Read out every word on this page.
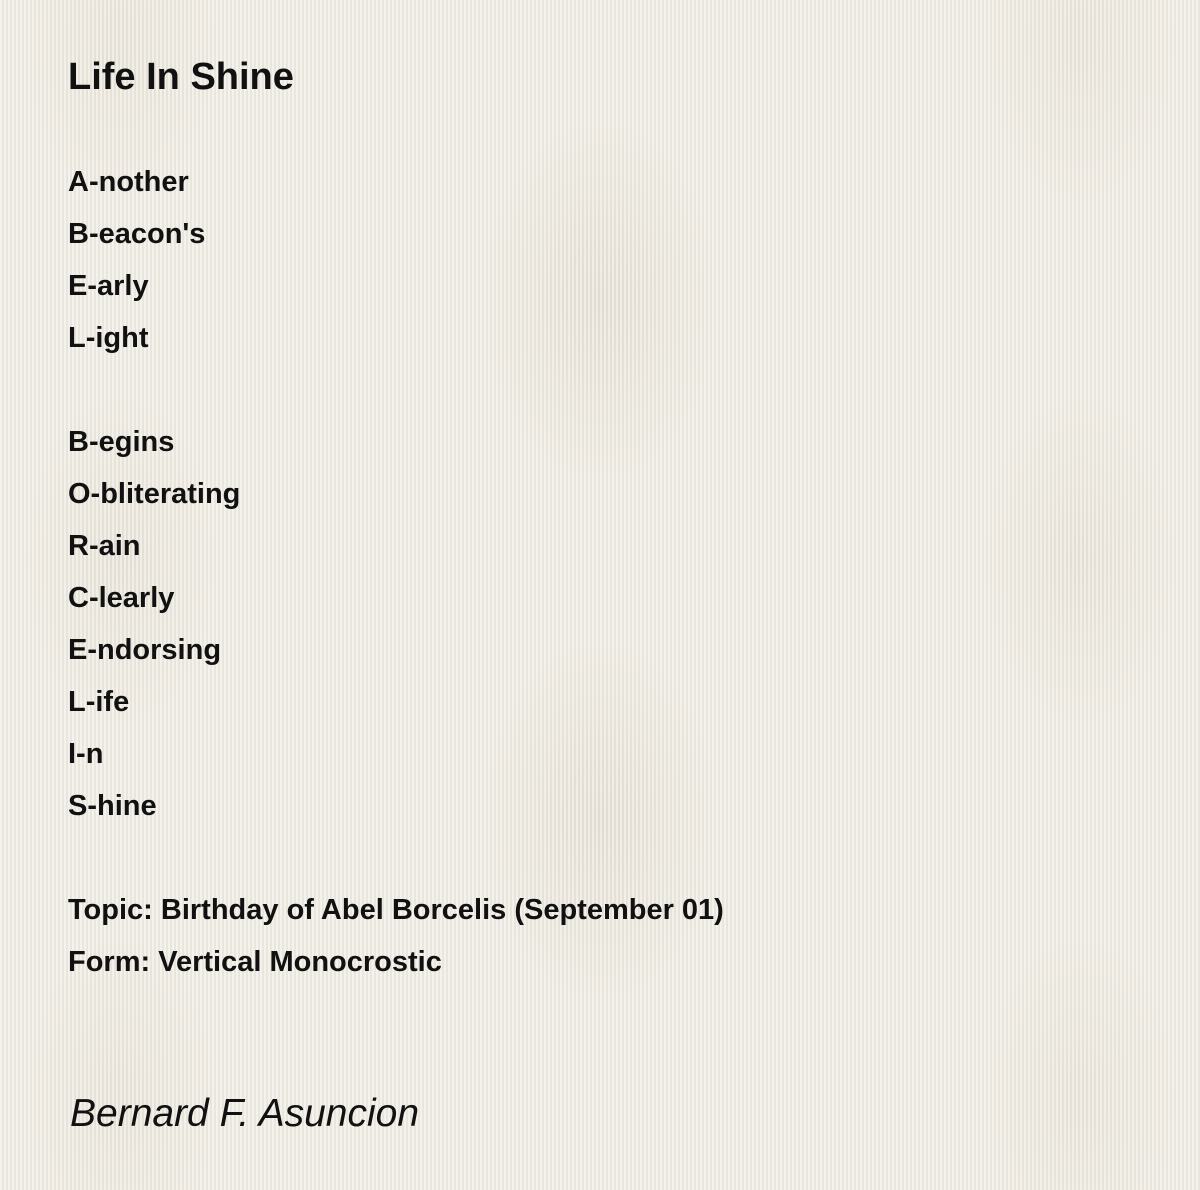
Life In Shine
A-nother
B-eacon's
E-arly
L-ight
B-egins
O-bliterating
R-ain
C-learly
E-ndorsing
L-ife
I-n
S-hine
Topic: Birthday of Abel Borcelis (September 01)
Form: Vertical Monocrostic
Bernard F. Asuncion
